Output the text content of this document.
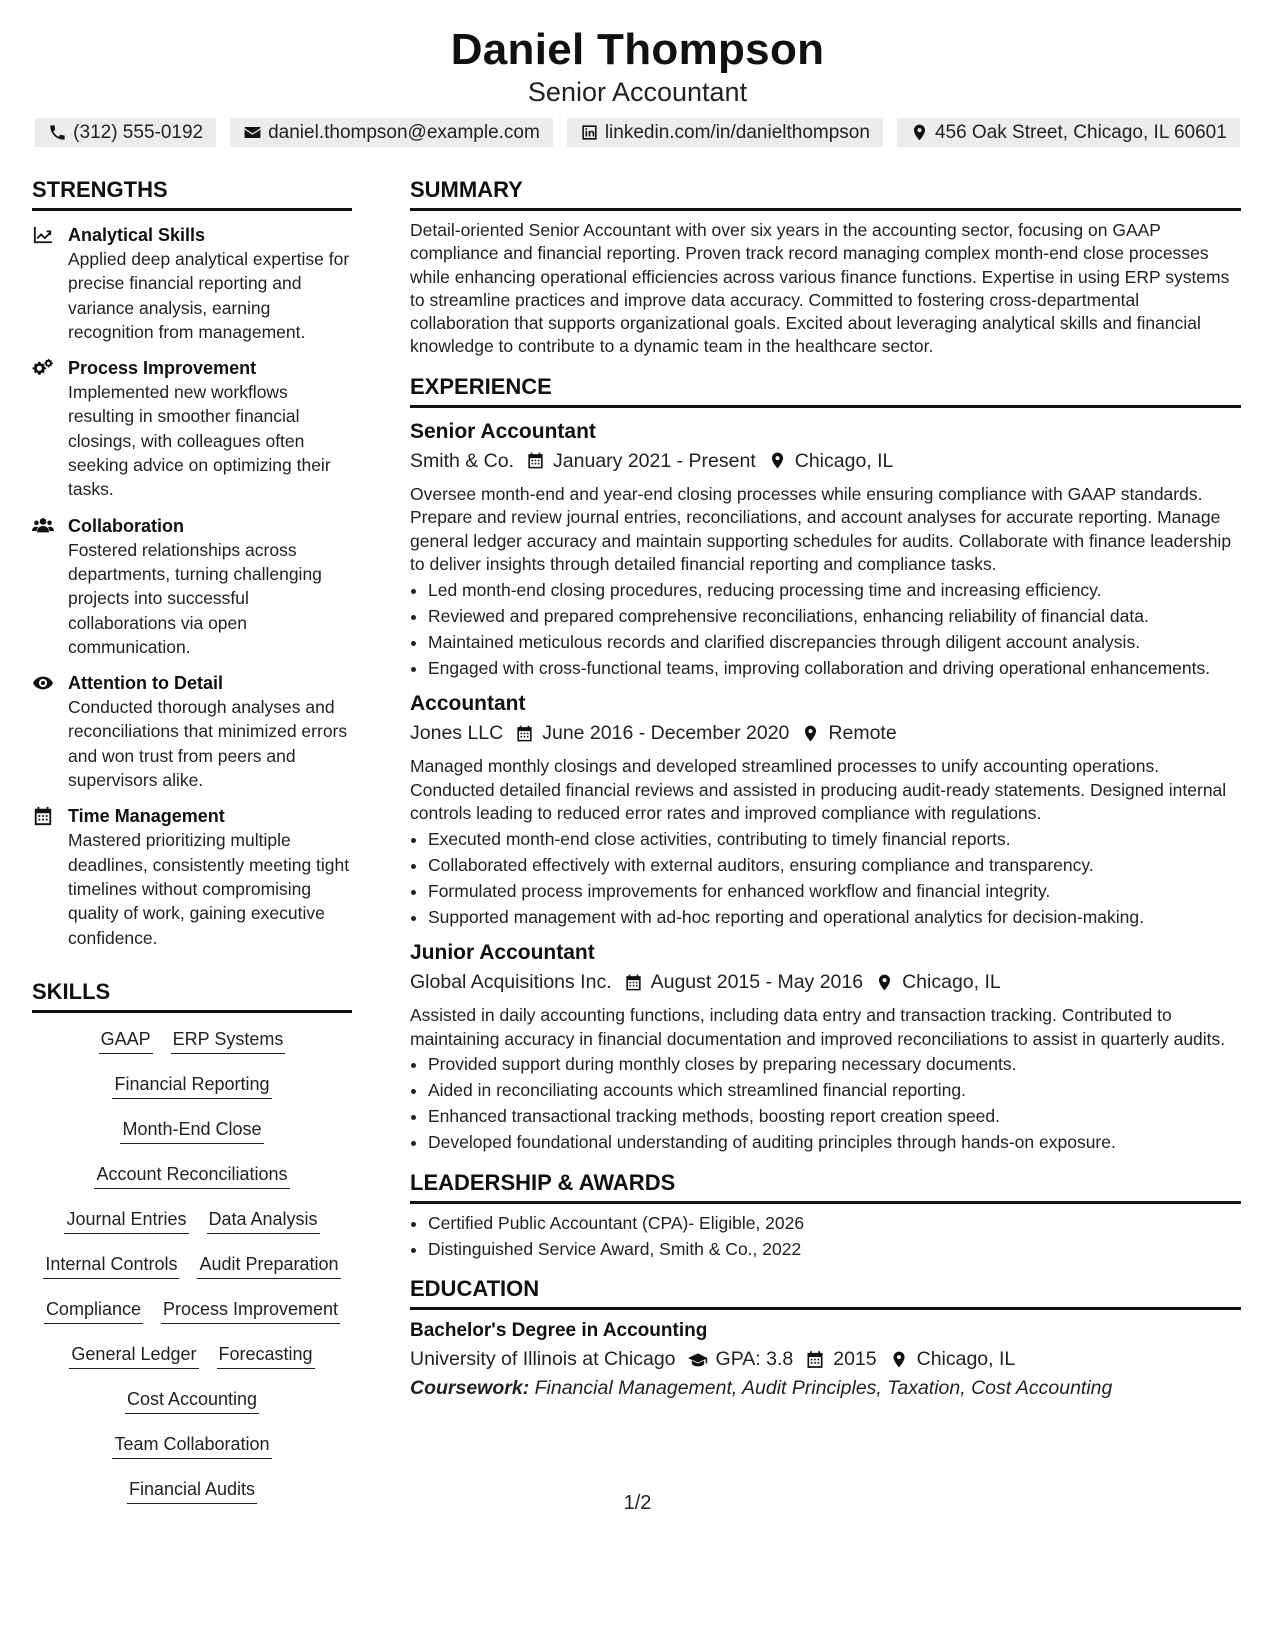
Daniel Thompson
Senior Accountant
(312) 555-0192	daniel.thompson@example.com	linkedin.com/in/danielthompson	456 Oak Street, Chicago, IL 60601
STRENGTHS
Analytical Skills
Applied deep analytical expertise for precise financial reporting and variance analysis, earning recognition from management.
Process Improvement
Implemented new workflows resulting in smoother financial closings, with colleagues often seeking advice on optimizing their tasks.
Collaboration
Fostered relationships across departments, turning challenging projects into successful collaborations via open communication.
Attention to Detail
Conducted thorough analyses and reconciliations that minimized errors and won trust from peers and supervisors alike.
Time Management
Mastered prioritizing multiple deadlines, consistently meeting tight timelines without compromising quality of work, gaining executive confidence.
SKILLS
GAAP ERP Systems
Financial Reporting
Month-End Close
Account Reconciliations
Journal Entries Data Analysis
Internal Controls Audit Preparation
Compliance Process Improvement
General Ledger Forecasting
Cost Accounting
Team Collaboration
Financial Audits
SUMMARY
Detail-oriented Senior Accountant with over six years in the accounting sector, focusing on GAAP compliance and financial reporting. Proven track record managing complex month-end close processes while enhancing operational efficiencies across various finance functions. Expertise in using ERP systems to streamline practices and improve data accuracy. Committed to fostering cross-departmental collaboration that supports organizational goals. Excited about leveraging analytical skills and financial knowledge to contribute to a dynamic team in the healthcare sector.
EXPERIENCE
Senior Accountant
Smith & Co. January 2021 - Present Chicago, IL
Oversee month-end and year-end closing processes while ensuring compliance with GAAP standards. Prepare and review journal entries, reconciliations, and account analyses for accurate reporting. Manage general ledger accuracy and maintain supporting schedules for audits. Collaborate with finance leadership to deliver insights through detailed financial reporting and compliance tasks.
• Led month-end closing procedures, reducing processing time and increasing efficiency.
• Reviewed and prepared comprehensive reconciliations, enhancing reliability of financial data.
• Maintained meticulous records and clarified discrepancies through diligent account analysis.
• Engaged with cross-functional teams, improving collaboration and driving operational enhancements.
Accountant
Jones LLC June 2016 - December 2020 Remote
Managed monthly closings and developed streamlined processes to unify accounting operations. Conducted detailed financial reviews and assisted in producing audit-ready statements. Designed internal controls leading to reduced error rates and improved compliance with regulations.
• Executed month-end close activities, contributing to timely financial reports.
• Collaborated effectively with external auditors, ensuring compliance and transparency.
• Formulated process improvements for enhanced workflow and financial integrity.
• Supported management with ad-hoc reporting and operational analytics for decision-making.
Junior Accountant
Global Acquisitions Inc. August 2015 - May 2016 Chicago, IL
Assisted in daily accounting functions, including data entry and transaction tracking. Contributed to maintaining accuracy in financial documentation and improved reconciliations to assist in quarterly audits.
• Provided support during monthly closes by preparing necessary documents.
• Aided in reconciliating accounts which streamlined financial reporting.
• Enhanced transactional tracking methods, boosting report creation speed.
• Developed foundational understanding of auditing principles through hands-on exposure.
LEADERSHIP & AWARDS
• Certified Public Accountant (CPA)- Eligible, 2026
• Distinguished Service Award, Smith & Co., 2022
EDUCATION
Bachelor's Degree in Accounting
University of Illinois at Chicago GPA: 3.8 2015 Chicago, IL
Coursework: Financial Management, Audit Principles, Taxation, Cost Accounting
1/2
